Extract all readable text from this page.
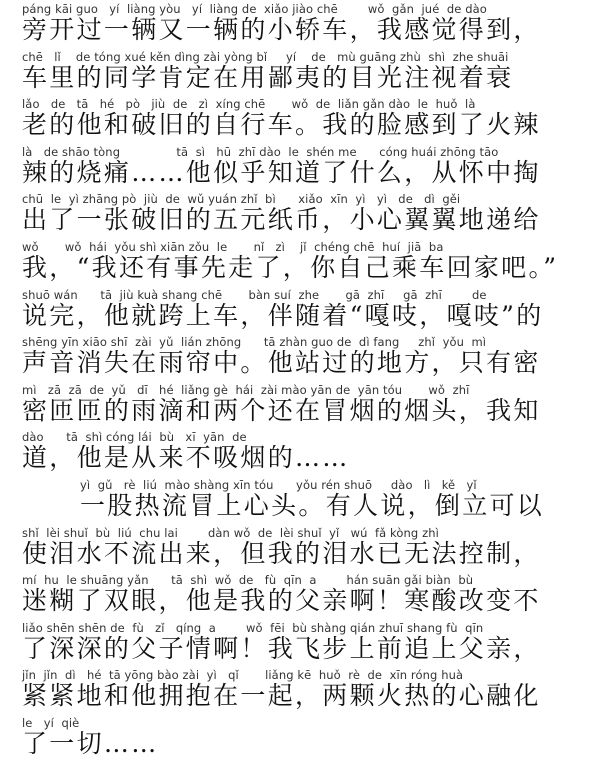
páng kāi guo   yí  liàng yòu   yí  liàng de  xiǎo jiào chē        wǒ  gǎn  jué  de dào
旁开过一辆又一辆的小轿车，我感觉得到，
chē   lǐ    de tóng xué kěn dìng zài yòng bǐ     yí    de   mù guāng zhù  shì  zhe shuāi
车里的同学肯定在用鄙夷的目光注视着衰
lǎo   de   tā   hé   pò   jiù  de   zì  xíng chē       wǒ  de  liǎn gǎn dào  le  huǒ  là
老的他和破旧的自行车。我的脸感到了火辣
là   de shāo tòng               tā  sì   hū  zhī dào  le  shén me      cóng huái zhōng tāo
辣的烧痛……他似乎知道了什么，从怀中掏
chū  le  yì zhāng pò  jiù  de  wǔ yuán zhǐ  bì      xiǎo  xīn  yì   yì   de   dì  gěi
出了一张破旧的五元纸币，小心翼翼地递给
wǒ       wǒ  hái  yǒu shì xiān zǒu  le       nǐ   zì    jǐ  chéng chē  huí  jiā  ba
我，“我还有事先走了，你自己乘车回家吧。”
shuō wán      tā  jiù kuà shang chē       bàn suí  zhe       gā  zhī     gā  zhī        de
说完，他就跨上车，伴随着“嘎吱，嘎吱”的
shēng yīn xiāo shī  zài  yǔ  lián zhōng      tā zhàn guo de  dì fang     zhǐ  yǒu  mì
声音消失在雨帘中。他站过的地方，只有密
mì   zā  zā  de  yǔ   dī   hé  liǎng gè  hái  zài mào yān de  yān tóu       wǒ  zhī
密匝匝的雨滴和两个还在冒烟的烟头，我知
dào      tā  shì cóng lái  bù   xī  yān  de
道，他是从来不吸烟的……
yì  gǔ   rè  liú  mào shàng xīn tóu      yǒu rén shuō     dào   lì   kě   yǐ
一股热流冒上心头。有人说，倒立可以
shǐ  lèi shuǐ  bù  liú  chu lai        dàn wǒ  de  lèi shuǐ  yǐ   wú  fǎ kòng zhì
使泪水不流出来，但我的泪水已无法控制，
mí  hu  le shuāng yǎn      tā  shì  wǒ  de   fù  qīn  a        hán suān gǎi biàn  bù
迷糊了双眼，他是我的父亲啊！寒酸改变不
liǎo shēn shēn de  fù   zǐ   qíng  a        wǒ  fēi  bù shàng qián zhuī shang fù  qīn
了深深的父子情啊！我飞步上前追上父亲，
jǐn  jǐn  dì   hé  tā yōng bào zài  yì   qǐ       liǎng kē  huǒ  rè  de  xīn róng huà
紧紧地和他拥抱在一起，两颗火热的心融化
le   yí  qiè
了一切……
